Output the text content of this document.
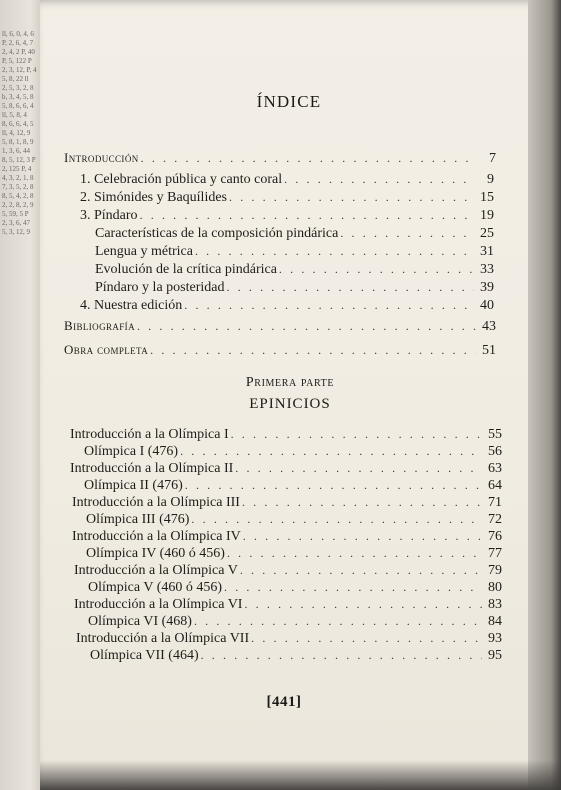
ll, 6, 0, 4, 6
P, 2, 6, 4, 7
2, 4, 2 P, 40
P, 5, 122 P
2, 3, 12, P, 4
5, 8, 22 ll
2, 5, 3, 2, 8
b, 3, 4, 5, 8
5, 8, 6, 6, 4
ll, 5, 8, 4
8, 6, 6, 4, 5
ll, 4, 12, 9
5, 8, 1, 8, 9
1, 3, 6, 44
8, 5, 12, 3 P
2, 125 P, 4
4, 3, 2, 1, 8
7, 3, 5, 2, 8
8, 5, 4, 2, 8
2, 2, 8, 2, 9
5, 59, 5 P
2, 3, 6, 47
5, 3, 12, 9
ÍNDICE
Introducción . . .	7
1. Celebración pública y canto coral . . .	9
2. Simónides y Baquílides . . .	15
3. Píndaro . . .	19
Características de la composición pindárica . . .	25
Lengua y métrica . . .	31
Evolución de la crítica pindárica . . .	33
Píndaro y la posteridad . . .	39
4. Nuestra edición . . .	40
Bibliografía . . .	43
Obra completa . . .	51
Primera parte
EPINICIOS
Introducción a la Olímpica I . . .	55
Olímpica I (476) . . .	56
Introducción a la Olímpica II . . .	63
Olímpica II (476) . . .	64
Introducción a la Olímpica III . . .	71
Olímpica III (476) . . .	72
Introducción a la Olímpica IV . . .	76
Olímpica IV (460 ó 456) . . .	77
Introducción a la Olímpica V . . .	79
Olímpica V (460 ó 456) . . .	80
Introducción a la Olímpica VI . . .	83
Olímpica VI (468) . . .	84
Introducción a la Olímpica VII . . .	93
Olímpica VII (464) . . .	95
[441]
